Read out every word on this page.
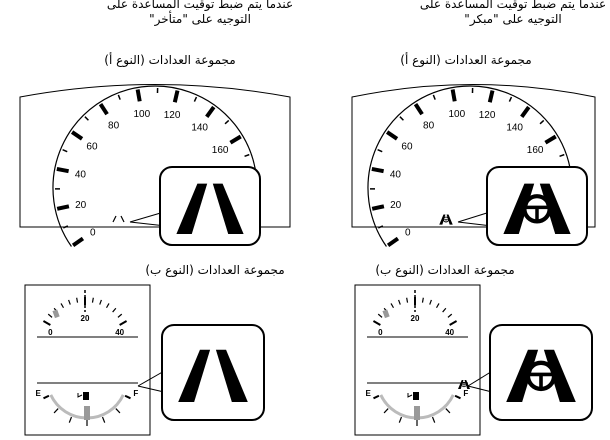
عندما يتم ضبط توقيت المساعدة على
التوجيه على "متأخر"
عندما يتم ضبط توقيت المساعدة على
التوجيه على "مبكر"
مجموعة العدادات (النوع أ)	مجموعة العدادات (النوع أ)
مجموعة العدادات (النوع ب)	مجموعة العدادات (النوع ب)
0
20
40
60
80
100 120
140
160
0
20
40
60
80
100 120
140
160
0
20
40
E	F
0
20
40
E	F
